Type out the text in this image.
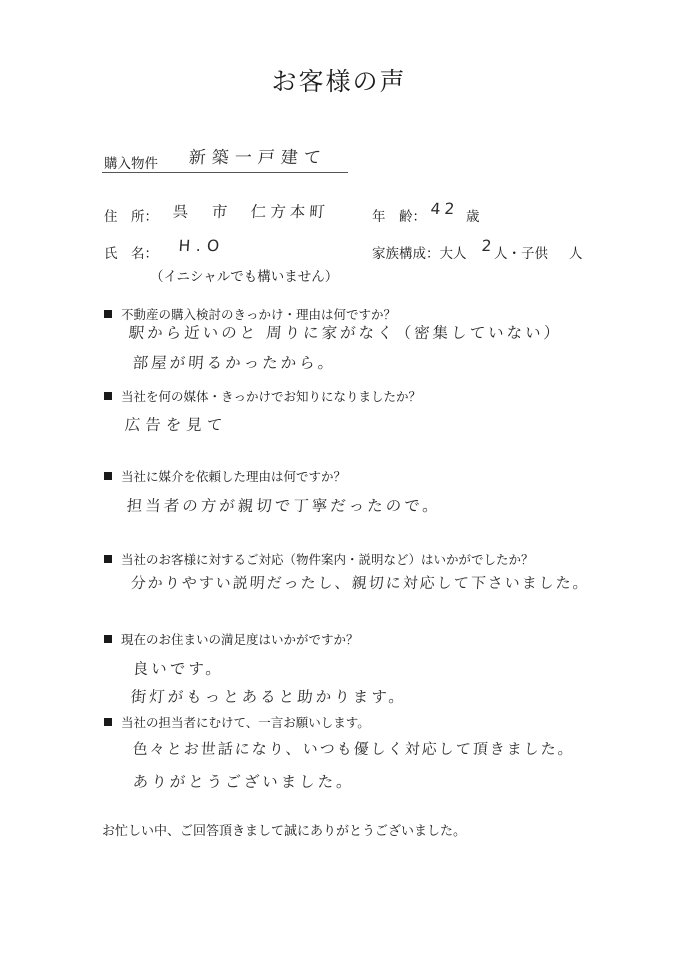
お客様の声
購入物件 新築一戸建て
住　所： 呉　市　仁方本町	年　齢： 42 歳
氏　名： H.O
（イニシャルでも構いません）
家族構成：大人 2
人・子供 人
不動産の購入検討のきっかけ・理由は何ですか？
駅から近いのと 周りに家がなく（密集していない）
部屋が明るかったから。
当社を何の媒体・きっかけでお知りになりましたか？
広告を見て
当社に媒介を依頼した理由は何ですか？
担当者の方が親切で丁寧だったので。
当社のお客様に対するご対応（物件案内・説明など）はいかがでしたか？
分かりやすい説明だったし、親切に対応して下さいました。
現在のお住まいの満足度はいかがですか？
良いです。
街灯がもっとあると助かります。
当社の担当者にむけて、一言お願いします。
色々とお世話になり、いつも優しく対応して頂きました。
ありがとうございました。
お忙しい中、ご回答頂きまして誠にありがとうございました。
